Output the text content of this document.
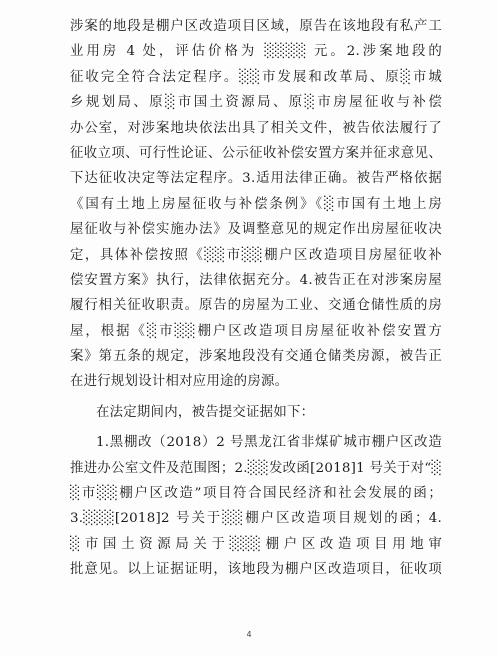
涉案的地段是棚户区改造项目区域，原告在该地段有私产工
业用房 4 处，评估价格为 ░░░░ 元。2.涉案地段的
征收完全符合法定程序。░░市发展和改革局、原░市城
乡规划局、原░市国土资源局、原░市房屋征收与补偿
办公室，对涉案地块依法出具了相关文件，被告依法履行了
征收立项、可行性论证、公示征收补偿安置方案并征求意见、
下达征收决定等法定程序。3.适用法律正确。被告严格依据
《国有土地上房屋征收与补偿条例》《░市国有土地上房
屋征收与补偿实施办法》及调整意见的规定作出房屋征收决
定，具体补偿按照《░░市░░棚户区改造项目房屋征收补
偿安置方案》执行，法律依据充分。4.被告正在对涉案房屋
履行相关征收职责。原告的房屋为工业、交通仓储性质的房
屋，根据《░市░░棚户区改造项目房屋征收补偿安置方
案》第五条的规定，涉案地段没有交通仓储类房源，被告正
在进行规划设计相对应用途的房源。
在法定期间内，被告提交证据如下：
1.黑棚改（2018）2 号黑龙江省非煤矿城市棚户区改造
推进办公室文件及范围图；2.░░发改函[2018]1 号关于对“░
░市░░棚户区改造”项目符合国民经济和社会发展的函；
3.░░░[2018]2 号关于░░棚户区改造项目规划的函；4.
░市国土资源局关于░░░棚户区改造项目用地审
批意见。以上证据证明，该地段为棚户区改造项目，征收项
4
